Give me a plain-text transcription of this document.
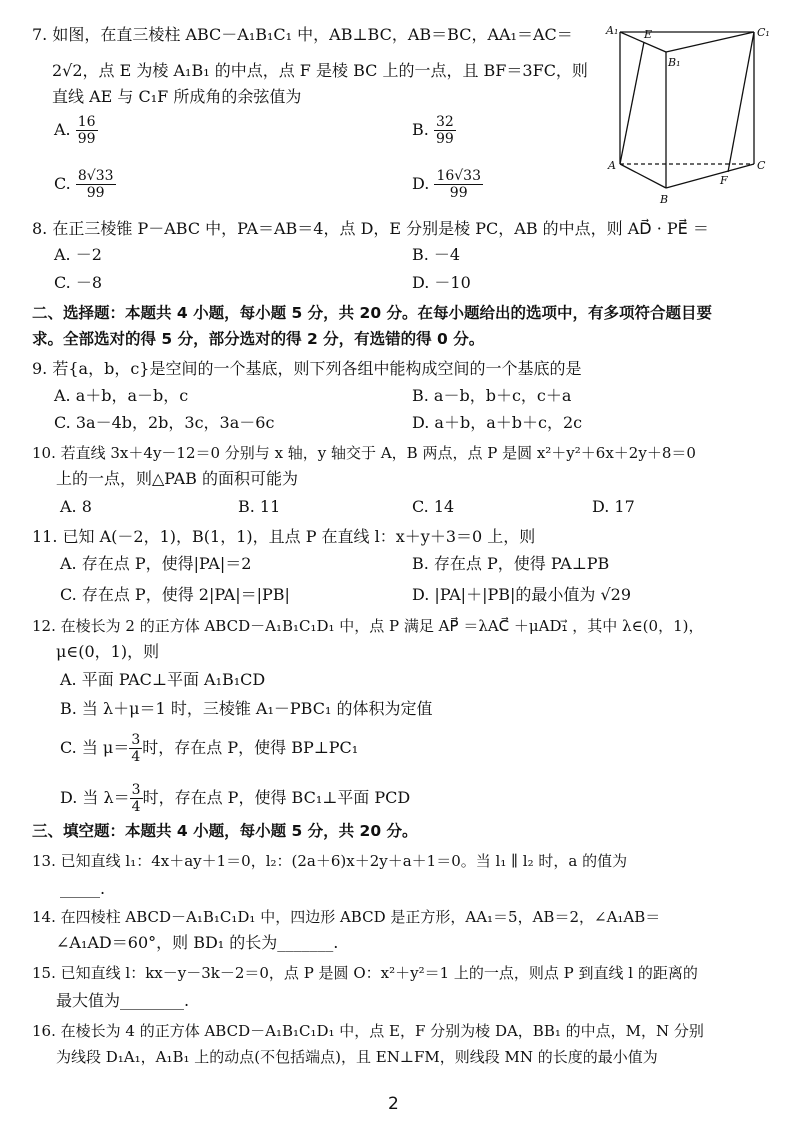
7. 如图，在直三棱柱 ABC－A₁B₁C₁ 中，AB⊥BC，AB＝BC，AA₁＝AC＝
2√2，点 E 为棱 A₁B₁ 的中点，点 F 是棱 BC 上的一点，且 BF＝3FC，则
直线 AE 与 C₁F 所成角的余弦值为
A. $\frac{16}{99}$	B. $\frac{32}{99}$
C. $\frac{8√33}{99}$	D. $\frac{16√33}{99}$
A₁ E	C₁
B₁
A	C
F
B
8. 在正三棱锥 P－ABC 中，PA＝AB＝4，点 D，E 分别是棱 PC，AB 的中点，则 AD⃗ · PE⃗ ＝
A. －2	B. －4
C. －8	D. －10
二、选择题：本题共 4 小题，每小题 5 分，共 20 分。在每小题给出的选项中，有多项符合题目要
求。全部选对的得 5 分，部分选对的得 2 分，有选错的得 0 分。
9. 若{a，b，c}是空间的一个基底，则下列各组中能构成空间的一个基底的是
A. a＋b，a－b，c	B. a－b，b＋c，c＋a
C. 3a－4b，2b，3c，3a－6c	D. a＋b，a＋b＋c，2c
10. 若直线 3x＋4y－12＝0 分别与 x 轴，y 轴交于 A，B 两点，点 P 是圆 x²＋y²＋6x＋2y＋8＝0
上的一点，则△PAB 的面积可能为
A. 8	B. 11	C. 14	D. 17
11. 已知 A(－2，1)，B(1，1)，且点 P 在直线 l：x＋y＋3＝0 上，则
A. 存在点 P，使得|PA|＝2	B. 存在点 P，使得 PA⊥PB
C. 存在点 P，使得 2|PA|＝|PB|	D. |PA|＋|PB|的最小值为 √29
12. 在棱长为 2 的正方体 ABCD－A₁B₁C₁D₁ 中，点 P 满足 AP⃗ ＝λAC⃗ ＋μAD₁⃗ ，其中 λ∈(0，1)，
μ∈(0，1)，则
A. 平面 PAC⊥平面 A₁B₁CD
B. 当 λ＋μ＝1 时，三棱锥 A₁－PBC₁ 的体积为定值
C. 当 $\mu= \frac{3}{4}$ 时，存在点 P，使得 BP⊥PC₁
D. 当 $\lambda= \frac{3}{4}$ 时，存在点 P，使得 BC₁⊥平面 PCD
三、填空题：本题共 4 小题，每小题 5 分，共 20 分。
13. 已知直线 l₁：4x＋ay＋1＝0，l₂：(2a＋6)x＋2y＋a＋1＝0。当 l₁ ∥ l₂ 时，a 的值为
_____.
14. 在四棱柱 ABCD－A₁B₁C₁D₁ 中，四边形 ABCD 是正方形，AA₁＝5，AB＝2，∠A₁AB＝
∠A₁AD＝60°，则 BD₁ 的长为_______.
15. 已知直线 l：kx－y－3k－2＝0，点 P 是圆 O：x²＋y²＝1 上的一点，则点 P 到直线 l 的距离的
最大值为________.
16. 在棱长为 4 的正方体 ABCD－A₁B₁C₁D₁ 中，点 E，F 分别为棱 DA，BB₁ 的中点，M，N 分别
为线段 D₁A₁，A₁B₁ 上的动点(不包括端点)，且 EN⊥FM，则线段 MN 的长度的最小值为
2
